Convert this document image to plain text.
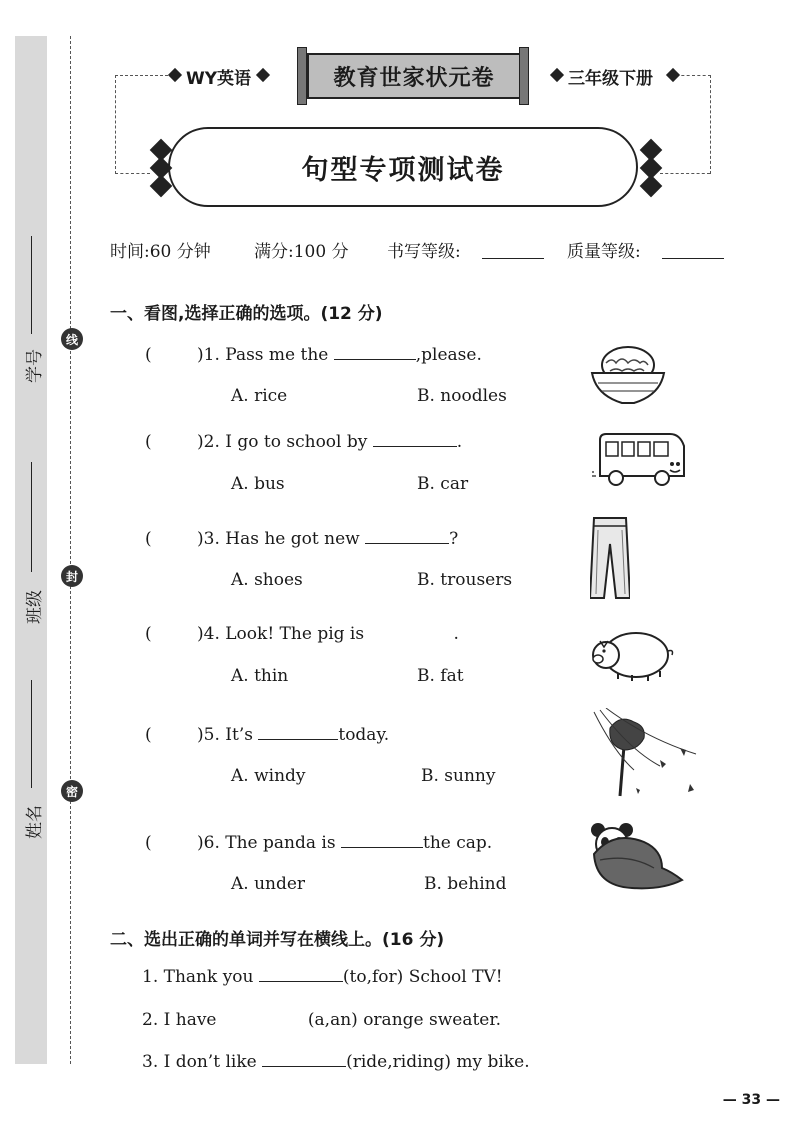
学号
班级
姓名
线
封
密
WY英语	教育世家状元卷	三年级下册
句型专项测试卷
时间:60 分钟	满分:100 分 书写等级:	质量等级:
一、看图,选择正确的选项。(12 分)
(	)1. Pass me the	,please.
A. rice	B. noodles
(	)2. I go to school by	.
A. bus	B. car
(	)3. Has he got new	?
A. shoes	B. trousers
(	)4. Look! The pig is	.
A. thin	B. fat
(	)5. It’s	today.
A. windy	B. sunny
(	)6. The panda is	the cap.
A. under	B. behind
二、选出正确的单词并写在横线上。(16 分)
1. Thank you	(to,for) School TV!
2. I have	(a,an) orange sweater.
3. I don’t like	(ride,riding) my bike.
— 33 —
